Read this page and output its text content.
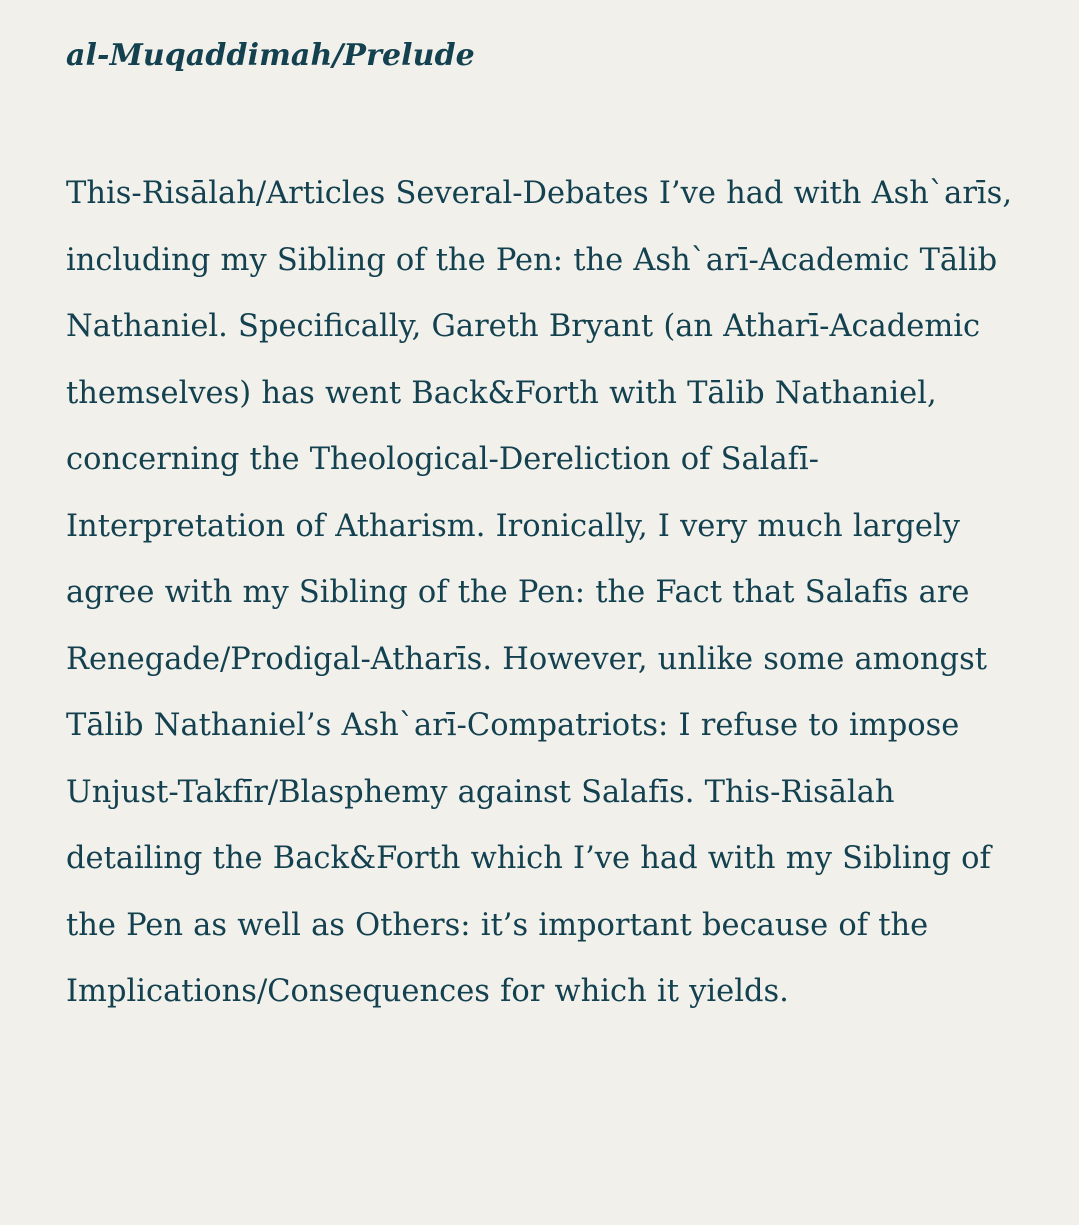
al-Muqaddimah/Prelude

This-Risālah/Articles Several-Debates I’ve had with Ash`arīs, including my Sibling of the Pen: the Ash`arī-Academic Tālib Nathaniel. Specifically, Gareth Bryant (an Atharī-Academic themselves) has went Back&Forth with Tālib Nathaniel, concerning the Theological-Dereliction of Salafī-Interpretation of Atharism. Ironically, I very much largely agree with my Sibling of the Pen: the Fact that Salafīs are Renegade/Prodigal-Atharīs. However, unlike some amongst Tālib Nathaniel’s Ash`arī-Compatriots: I refuse to impose Unjust-Takfīr/Blasphemy against Salafīs. This-Risālah detailing the Back&Forth which I’ve had with my Sibling of the Pen as well as Others: it’s important because of the Implications/Consequences for which it yields.
